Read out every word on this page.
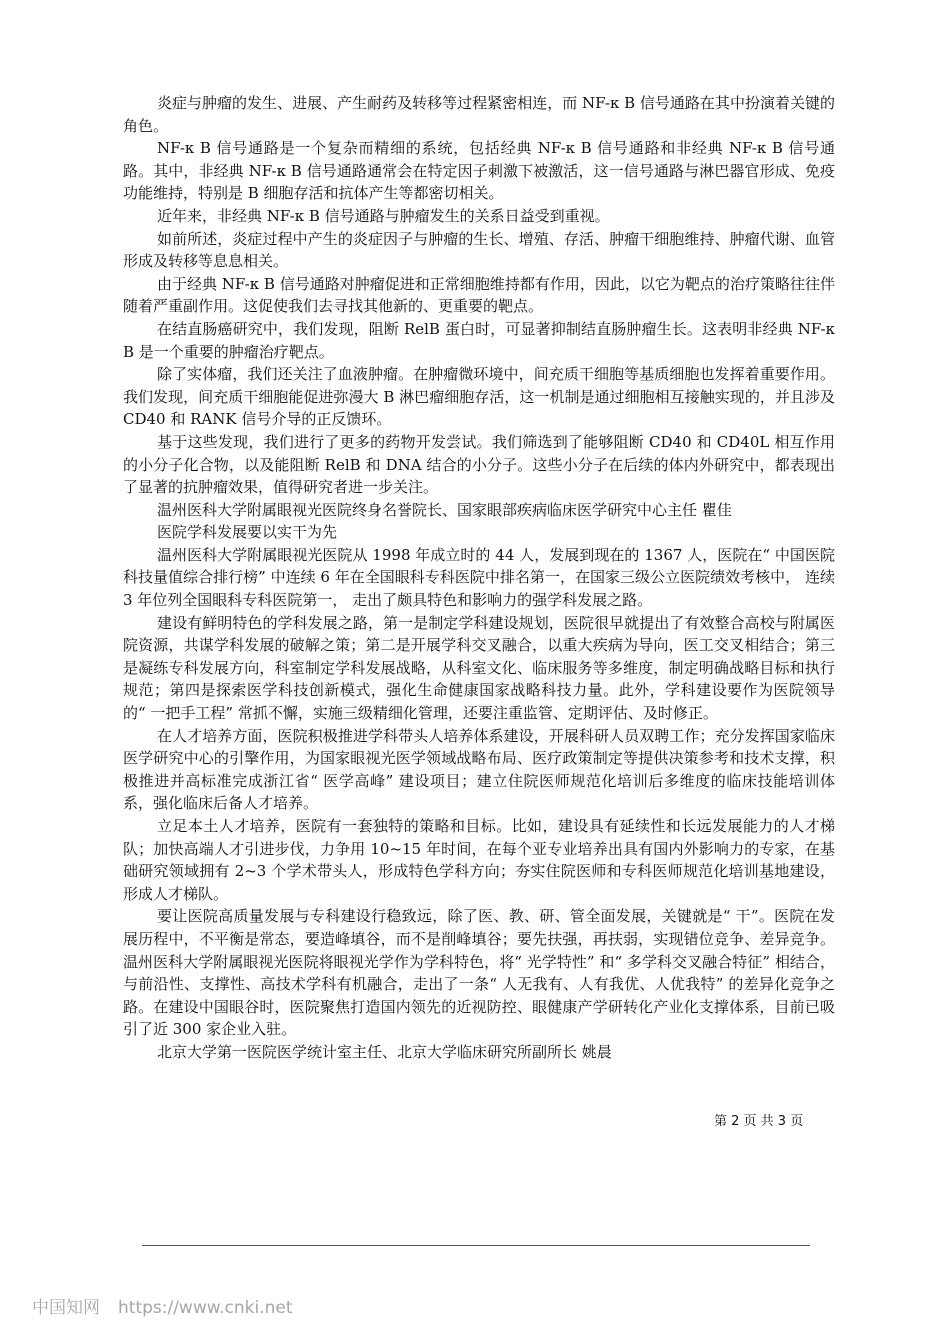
炎症与肿瘤的发生、进展、产生耐药及转移等过程紧密相连，而 NF-κ B 信号通路在其中扮演着关键的角色。

NF-κ B 信号通路是一个复杂而精细的系统，包括经典 NF-κ B 信号通路和非经典 NF-κ B 信号通路。其中，非经典 NF-κ B 信号通路通常会在特定因子刺激下被激活，这一信号通路与淋巴器官形成、免疫功能维持，特别是 B 细胞存活和抗体产生等都密切相关。

近年来，非经典 NF-κ B 信号通路与肿瘤发生的关系日益受到重视。

如前所述，炎症过程中产生的炎症因子与肿瘤的生长、增殖、存活、肿瘤干细胞维持、肿瘤代谢、血管形成及转移等息息相关。

由于经典 NF-κ B 信号通路对肿瘤促进和正常细胞维持都有作用，因此，以它为靶点的治疗策略往往伴随着严重副作用。这促使我们去寻找其他新的、更重要的靶点。

在结直肠癌研究中，我们发现，阻断 RelB 蛋白时，可显著抑制结直肠肿瘤生长。这表明非经典 NF-κ B 是一个重要的肿瘤治疗靶点。

除了实体瘤，我们还关注了血液肿瘤。在肿瘤微环境中，间充质干细胞等基质细胞也发挥着重要作用。我们发现，间充质干细胞能促进弥漫大 B 淋巴瘤细胞存活，这一机制是通过细胞相互接触实现的，并且涉及 CD40 和 RANK 信号介导的正反馈环。

基于这些发现，我们进行了更多的药物开发尝试。我们筛选到了能够阻断 CD40 和 CD40L 相互作用的小分子化合物，以及能阻断 RelB 和 DNA 结合的小分子。这些小分子在后续的体内外研究中，都表现出了显著的抗肿瘤效果，值得研究者进一步关注。

温州医科大学附属眼视光医院终身名誉院长、国家眼部疾病临床医学研究中心主任 瞿佳

医院学科发展要以实干为先

温州医科大学附属眼视光医院从 1998 年成立时的 44 人，发展到现在的 1367 人，医院在“ 中国医院科技量值综合排行榜” 中连续 6 年在全国眼科专科医院中排名第一，在国家三级公立医院绩效考核中， 连续 3 年位列全国眼科专科医院第一， 走出了颇具特色和影响力的强学科发展之路。

建设有鲜明特色的学科发展之路，第一是制定学科建设规划，医院很早就提出了有效整合高校与附属医院资源，共谋学科发展的破解之策；第二是开展学科交叉融合，以重大疾病为导向，医工交叉相结合；第三是凝练专科发展方向，科室制定学科发展战略，从科室文化、临床服务等多维度，制定明确战略目标和执行规范；第四是探索医学科技创新模式，强化生命健康国家战略科技力量。此外，学科建设要作为医院领导的“ 一把手工程” 常抓不懈，实施三级精细化管理，还要注重监管、定期评估、及时修正。

在人才培养方面，医院积极推进学科带头人培养体系建设，开展科研人员双聘工作；充分发挥国家临床医学研究中心的引擎作用，为国家眼视光医学领域战略布局、医疗政策制定等提供决策参考和技术支撑，积极推进并高标准完成浙江省“ 医学高峰” 建设项目；建立住院医师规范化培训后多维度的临床技能培训体系，强化临床后备人才培养。

立足本土人才培养，医院有一套独特的策略和目标。比如，建设具有延续性和长远发展能力的人才梯队；加快高端人才引进步伐，力争用 10~15 年时间，在每个亚专业培养出具有国内外影响力的专家，在基础研究领域拥有 2~3 个学术带头人，形成特色学科方向；夯实住院医师和专科医师规范化培训基地建设，形成人才梯队。

要让医院高质量发展与专科建设行稳致远，除了医、教、研、管全面发展，关键就是“ 干”。医院在发展历程中，不平衡是常态，要造峰填谷，而不是削峰填谷；要先扶强，再扶弱，实现错位竞争、差异竞争。温州医科大学附属眼视光医院将眼视光学作为学科特色，将“ 光学特性” 和“ 多学科交叉融合特征” 相结合，与前沿性、支撑性、高技术学科有机融合，走出了一条“ 人无我有、人有我优、人优我特” 的差异化竞争之路。在建设中国眼谷时，医院聚焦打造国内领先的近视防控、眼健康产学研转化产业化支撑体系，目前已吸引了近 300 家企业入驻。

北京大学第一医院医学统计室主任、北京大学临床研究所副所长 姚晨

第 2 页 共 3 页
中国知网 https://www.cnki.net
